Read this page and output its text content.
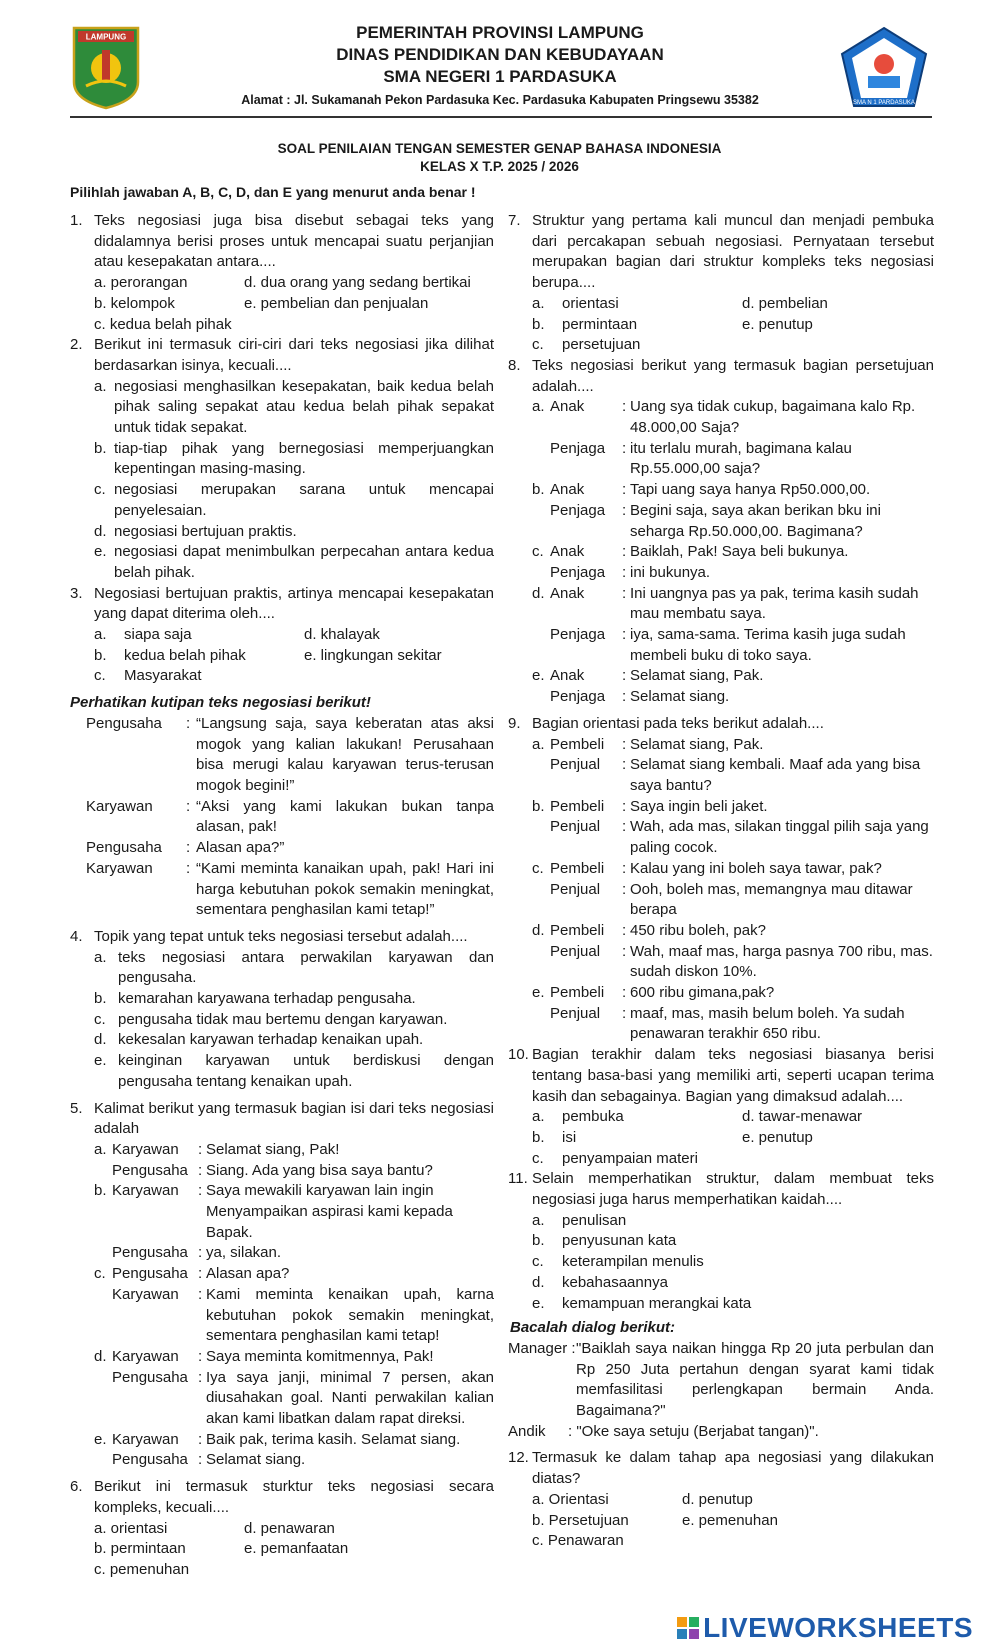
LAMPUNG	PEMERINTAH PROVINSI LAMPUNG
DINAS PENDIDIKAN DAN KEBUDAYAAN
SMA NEGERI 1 PARDASUKA
Alamat : Jl. Sukamanah Pekon Pardasuka Kec. Pardasuka Kabupaten Pringsewu 35382	SMA N 1 PARDASUKA
SOAL PENILAIAN TENGAN SEMESTER GENAP BAHASA INDONESIA
KELAS X T.P. 2025 / 2026
Pilihlah jawaban A, B, C, D, dan E yang menurut anda benar !
1. Teks negosiasi juga bisa disebut sebagai teks yang didalamnya berisi proses untuk mencapai suatu perjanjian atau kesepakatan antara....
a. perorangan	d. dua orang yang sedang bertikai
b. kelompok	e. pembelian dan penjualan
c. kedua belah pihak
2. Berikut ini termasuk ciri-ciri dari teks negosiasi jika dilihat berdasarkan isinya, kecuali....
a. negosiasi menghasilkan kesepakatan, baik kedua belah pihak saling sepakat atau kedua belah pihak sepakat untuk tidak sepakat.
b. tiap-tiap pihak yang bernegosiasi memperjuangkan kepentingan masing-masing.
c. negosiasi merupakan sarana untuk mencapai penyelesaian.
d. negosiasi bertujuan praktis.
e. negosiasi dapat menimbulkan perpecahan antara kedua belah pihak.
3. Negosiasi bertujuan praktis, artinya mencapai kesepakatan yang dapat diterima oleh....
a.	siapa saja	d. khalayak
b.	kedua belah pihak	e. lingkungan sekitar
c.	Masyarakat
Perhatikan kutipan teks negosiasi berikut!
Pengusaha	: “Langsung saja, saya keberatan atas aksi mogok yang kalian lakukan! Perusahaan bisa merugi kalau karyawan terus-terusan mogok begini!”
Karyawan	: “Aksi yang kami lakukan bukan tanpa alasan, pak!
Pengusaha	: Alasan apa?”
Karyawan	: “Kami meminta kanaikan upah, pak! Hari ini harga kebutuhan pokok semakin meningkat, sementara penghasilan kami tetap!”
4. Topik yang tepat untuk teks negosiasi tersebut adalah....
a. teks negosiasi antara perwakilan karyawan dan pengusaha.
b. kemarahan karyawana terhadap pengusaha.
c. pengusaha tidak mau bertemu dengan karyawan.
d. kekesalan karyawan terhadap kenaikan upah.
e. keinginan karyawan untuk berdiskusi dengan pengusaha tentang kenaikan upah.
5. Kalimat berikut yang termasuk bagian isi dari teks negosiasi adalah
a. Karyawan	: Selamat siang, Pak!
Pengusaha : Siang. Ada yang bisa saya bantu?
b. Karyawan	: Saya mewakili karyawan lain ingin Menyampaikan aspirasi kami kepada Bapak.
Pengusaha : ya, silakan.
c. Pengusaha : Alasan apa?
Karyawan	: Kami meminta kenaikan upah, karna kebutuhan pokok semakin meningkat, sementara penghasilan kami tetap!
d. Karyawan	: Saya meminta komitmennya, Pak!
Pengusaha : Iya saya janji, minimal 7 persen, akan diusahakan goal. Nanti perwakilan kalian akan kami libatkan dalam rapat direksi.
e. Karyawan	: Baik pak, terima kasih. Selamat siang.
Pengusaha : Selamat siang.
6. Berikut ini termasuk sturktur teks negosiasi secara kompleks, kecuali....
a. orientasi	d. penawaran
b. permintaan	e. pemanfaatan
c. pemenuhan
7. Struktur yang pertama kali muncul dan menjadi pembuka dari percakapan sebuah negosiasi. Pernyataan tersebut merupakan bagian dari struktur kompleks teks negosiasi berupa....
a.	orientasi	d. pembelian
b.	permintaan	e. penutup
c.	persetujuan
8. Teks negosiasi berikut yang termasuk bagian persetujuan adalah....
a. Anak	: Uang sya tidak cukup, bagaimana kalo Rp. 48.000,00 Saja?
Penjaga	: itu terlalu murah, bagimana kalau Rp.55.000,00 saja?
b. Anak	: Tapi uang saya hanya Rp50.000,00.
Penjaga	: Begini saja, saya akan berikan bku ini seharga Rp.50.000,00. Bagimana?
c. Anak	: Baiklah, Pak! Saya beli bukunya.
Penjaga	: ini bukunya.
d. Anak	: Ini uangnya pas ya pak, terima kasih sudah mau membatu saya.
Penjaga	: iya, sama-sama. Terima kasih juga sudah membeli buku di toko saya.
e. Anak	: Selamat siang, Pak.
Penjaga	: Selamat siang.
9. Bagian orientasi pada teks berikut adalah....
a. Pembeli	: Selamat siang, Pak.
Penjual	: Selamat siang kembali. Maaf ada yang bisa saya bantu?
b. Pembeli	: Saya ingin beli jaket.
Penjual	: Wah, ada mas, silakan tinggal pilih saja yang paling cocok.
c. Pembeli	: Kalau yang ini boleh saya tawar, pak?
Penjual	: Ooh, boleh mas, memangnya mau ditawar berapa
d. Pembeli	: 450 ribu boleh, pak?
Penjual	: Wah, maaf mas, harga pasnya 700 ribu, mas. sudah diskon 10%.
e. Pembeli	: 600 ribu gimana,pak?
Penjual	: maaf, mas, masih belum boleh. Ya sudah penawaran terakhir 650 ribu.
10. Bagian terakhir dalam teks negosiasi biasanya berisi tentang basa-basi yang memiliki arti, seperti ucapan terima kasih dan sebagainya. Bagian yang dimaksud adalah....
a.	pembuka	d. tawar-menawar
b.	isi	e. penutup
c.	penyampaian materi
11. Selain memperhatikan struktur, dalam membuat teks negosiasi juga harus memperhatikan kaidah....
a.	penulisan
b.	penyusunan kata
c.	keterampilan menulis
d.	kebahasaannya
e.	kemampuan merangkai kata
Bacalah dialog berikut:
Manager : "Baiklah saya naikan hingga Rp 20 juta perbulan dan Rp 250 Juta pertahun dengan syarat kami tidak memfasilitasi perlengkapan bermain Anda. Bagaimana?"
Andik	: "Oke saya setuju (Berjabat tangan)".
12. Termasuk ke dalam tahap apa negosiasi yang dilakukan diatas?
a. Orientasi	d. penutup
b. Persetujuan	e. pemenuhan
c. Penawaran
LIVEWORKSHEETS
